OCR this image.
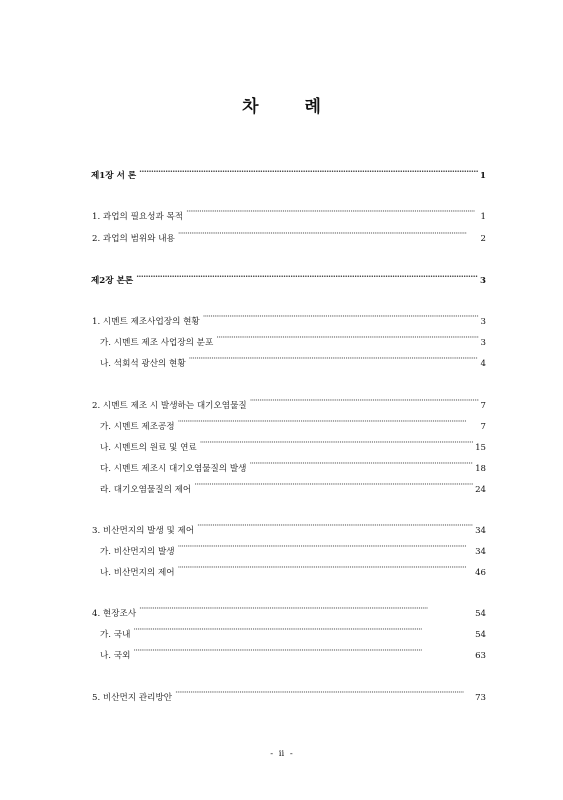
차 례
제1장 서 론 · · ·	1
1. 과업의 필요성과 목적 · · ·	1
2. 과업의 범위와 내용 · · ·	2
제2장 본론 · · ·	3
1. 시멘트 제조사업장의 현황 · · ·	3
가. 시멘트 제조 사업장의 분포 · · ·	3
나. 석회석 광산의 현황 · · ·	4
2. 시멘트 제조 시 발생하는 대기오염물질 · · ·	7
가. 시멘트 제조공정 · · ·	7
나. 시멘트의 원료 및 연료 · · ·	15
다. 시멘트 제조시 대기오염물질의 발생 · · ·	18
라. 대기오염물질의 제어 · · ·	24
3. 비산먼지의 발생 및 제어 · · ·	34
가. 비산먼지의 발생 · · ·	34
나. 비산먼지의 제어 · · ·	46
4. 현장조사 · · ·	54
가. 국내 · · ·	54
나. 국외 · · ·	63
5. 비산먼지 관리방안 · · ·	73
- ii -
